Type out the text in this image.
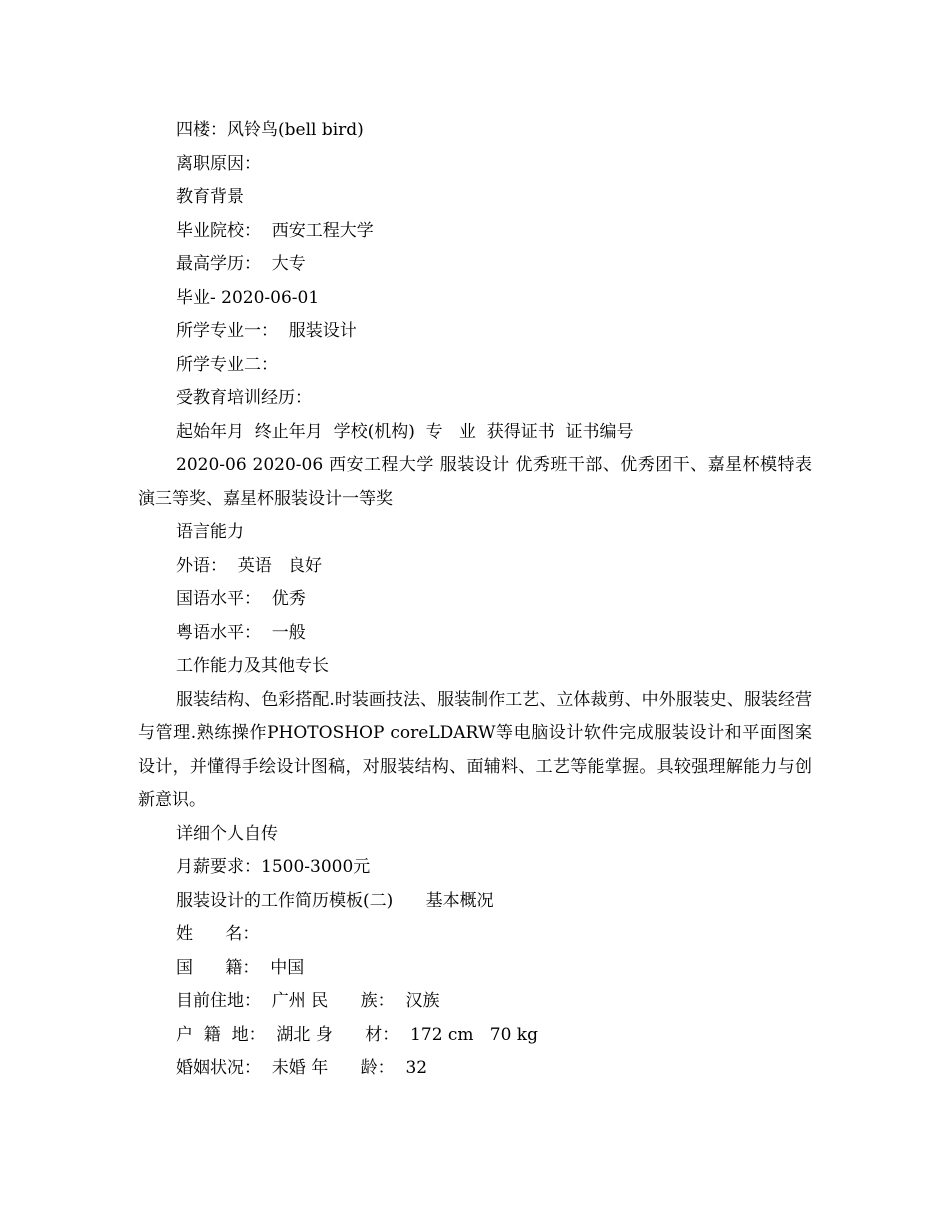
四楼：风铃鸟(bell bird)
离职原因：
教育背景
毕业院校：  西安工程大学
最高学历：  大专
毕业- 2020-06-01
所学专业一：  服装设计
所学专业二：
受教育培训经历：
起始年月  终止年月  学校(机构)  专   业  获得证书  证书编号
2020-06 2020-06 西安工程大学 服装设计 优秀班干部、优秀团干、嘉星杯模特表演三等奖、嘉星杯服装设计一等奖
语言能力
外语：  英语   良好
国语水平：  优秀
粤语水平：  一般
工作能力及其他专长
服装结构、色彩搭配.时装画技法、服装制作工艺、立体裁剪、中外服装史、服装经营与管理.熟练操作PHOTOSHOP coreLDARW等电脑设计软件完成服装设计和平面图案设计，并懂得手绘设计图稿，对服装结构、面辅料、工艺等能掌握。具较强理解能力与创新意识。
详细个人自传
月薪要求：1500-3000元
服装设计的工作简历模板(二)      基本概况
姓      名：
国      籍：  中国
目前住地：  广州 民      族：  汉族
户  籍  地：  湖北 身      材：  172 cm   70 kg
婚姻状况：  未婚 年      龄：  32
